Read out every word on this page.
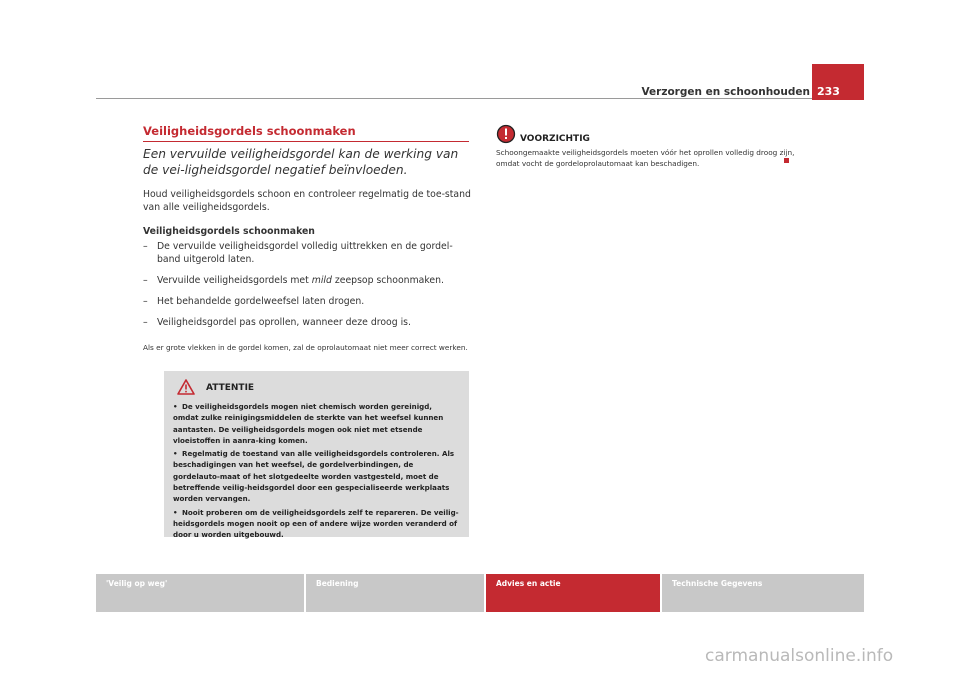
Verzorgen en schoonhouden 233
Veiligheidsgordels schoonmaken
Een vervuilde veiligheidsgordel kan de werking van de vei-ligheidsgordel negatief beïnvloeden.
Houd veiligheidsgordels schoon en controleer regelmatig de toe-stand van alle veiligheidsgordels.
Veiligheidsgordels schoonmaken
– De vervuilde veiligheidsgordel volledig uittrekken en de gordel-band uitgerold laten.
– Vervuilde veiligheidsgordels met mild zeepsop schoonmaken.
– Het behandelde gordelweefsel laten drogen.
– Veiligheidsgordel pas oprollen, wanneer deze droog is.
Als er grote vlekken in de gordel komen, zal de oprolautomaat niet meer correct werken.
ATTENTIE
• De veiligheidsgordels mogen niet chemisch worden gereinigd, omdat zulke reinigingsmiddelen de sterkte van het weefsel kunnen aantasten. De veiligheidsgordels mogen ook niet met etsende vloeistoffen in aanra-king komen.
• Regelmatig de toestand van alle veiligheidsgordels controleren. Als beschadigingen van het weefsel, de gordelverbindingen, de gordelauto-maat of het slotgedeelte worden vastgesteld, moet de betreffende veilig-heidsgordel door een gespecialiseerde werkplaats worden vervangen.
• Nooit proberen om de veiligheidsgordels zelf te repareren. De veilig-heidsgordels mogen nooit op een of andere wijze worden veranderd of door u worden uitgebouwd.
VOORZICHTIG
Schoongemaakte veiligheidsgordels moeten vóór het oprollen volledig droog zijn, omdat vocht de gordeloprolautomaat kan beschadigen.
'Veilig op weg'	Bediening	Advies en actie	Technische Gegevens
carmanualsonline.info
